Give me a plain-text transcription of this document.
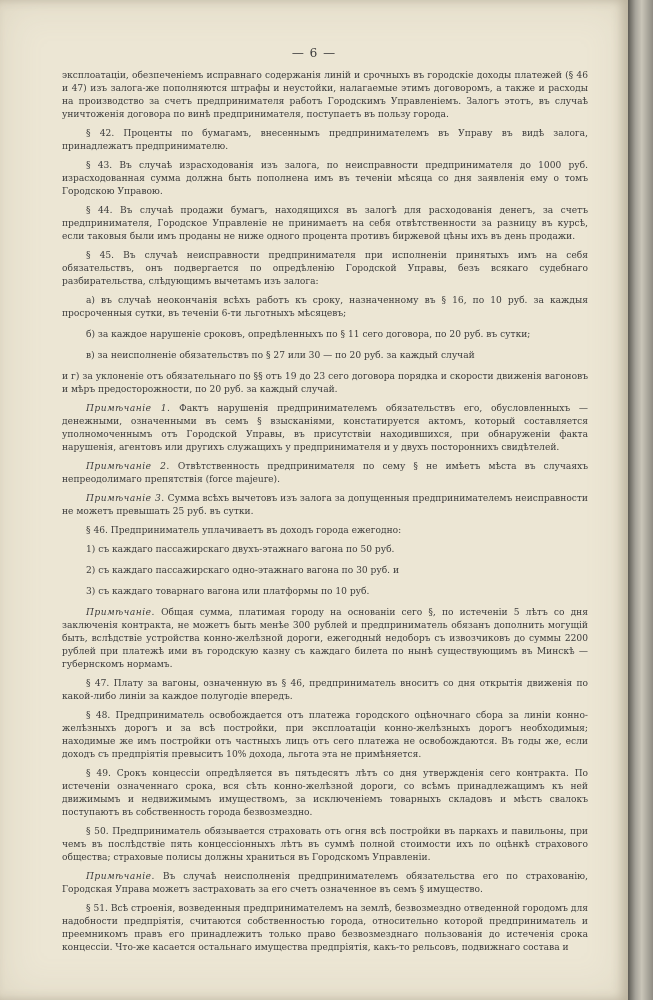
— 6 —

эксплоатаціи, обезпеченіемъ исправнаго содержанія линій и срочныхъ въ городскіе доходы платежей (§ 46 и 47) изъ залога-же пополняются штрафы и неустойки, налагаемые этимъ договоромъ, а также и расходы на производство за счетъ предпринимателя работъ Городскимъ Управленіемъ. Залогъ этотъ, въ случаѣ уничтоженія договора по винѣ предпринимателя, поступаетъ въ пользу города.

§ 42. Проценты по бумагамъ, внесеннымъ предпринимателемъ въ Управу въ видѣ залога, принадлежатъ предпринимателю.

§ 43. Въ случаѣ израсходованія изъ залога, по неисправности предпринимателя до 1000 руб. израсходованная сумма должна быть пополнена имъ въ теченіи мѣсяца со дня заявленія ему о томъ Городскою Управою.

§ 44. Въ случаѣ продажи бумагъ, находящихся въ залогѣ для расходованія денегъ, за счетъ предпринимателя, Городское Управленіе не принимаетъ на себя отвѣтственности за разницу въ курсѣ, если таковыя были имъ проданы не ниже одного процента противъ биржевой цѣны ихъ въ день продажи.

§ 45. Въ случаѣ неисправности предпринимателя при исполненіи принятыхъ имъ на себя обязательствъ, онъ подвергается по опредѣленію Городской Управы, безъ всякаго судебнаго разбирательства, слѣдующимъ вычетамъ изъ залога:

а) въ случаѣ неокончанія всѣхъ работъ къ сроку, назначенному въ § 16, по 10 руб. за каждыя просроченныя сутки, въ теченіи 6-ти льготныхъ мѣсяцевъ;

б) за каждое нарушеніе сроковъ, опредѣленныхъ по § 11 сего договора, по 20 руб. въ сутки;

в) за неисполненіе обязательствъ по § 27 или 30 — по 20 руб. за каждый случай

и г) за уклоненіе отъ обязательнаго по §§ отъ 19 до 23 сего договора порядка и скорости движенія вагоновъ и мѣръ предосторожности, по 20 руб. за каждый случай.

Примѣчаніе 1. Фактъ нарушенія предпринимателемъ обязательствъ его, обусловленныхъ — денежными, означенными въ семъ § взысканіями, констатируется актомъ, который составляется уполномоченнымъ отъ Городской Управы, въ присутствіи находившихся, при обнаруженіи факта нарушенія, агентовъ или другихъ служащихъ у предпринимателя и у двухъ постороннихъ свидѣтелей.

Примѣчаніе 2. Отвѣтственность предпринимателя по сему § не имѣетъ мѣста въ случаяхъ непреодолимаго препятствія (force majeure).

Примѣчаніе 3. Сумма всѣхъ вычетовъ изъ залога за допущенныя предпринимателемъ неисправности не можетъ превышать 25 руб. въ сутки.

§ 46. Предприниматель уплачиваетъ въ доходъ города ежегодно:

1) съ каждаго пассажирскаго двухъ-этажнаго вагона по 50 руб.

2) съ каждаго пассажирскаго одно-этажнаго вагона по 30 руб. и

3) съ каждаго товарнаго вагона или платформы по 10 руб.

Примѣчаніе. Общая сумма, платимая городу на основаніи сего §, по истеченіи 5 лѣтъ со дня заключенія контракта, не можетъ быть менѣе 300 рублей и предприниматель обязанъ дополнить могущій быть, вслѣдствіе устройства конно-желѣзной дороги, ежегодный недоборъ съ извозчиковъ до суммы 2200 рублей при платежѣ ими въ городскую казну съ каждаго билета по нынѣ существующимъ въ Минскѣ — губернскомъ нормамъ.

§ 47. Плату за вагоны, означенную въ § 46, предприниматель вноситъ со дня открытія движенія по какой-либо линіи за каждое полугодіе впередъ.

§ 48. Предприниматель освобождается отъ платежа городского оцѣночнаго сбора за линіи конно-желѣзныхъ дорогъ и за всѣ постройки, при эксплоатаціи конно-желѣзныхъ дорогъ необходимыя; находимые же имъ постройки отъ частныхъ лицъ отъ сего платежа не освобождаются. Въ годы же, если доходъ съ предпріятія превыситъ 10% дохода, льгота эта не примѣняется.

§ 49. Срокъ концессіи опредѣляется въ пятьдесятъ лѣтъ со дня утвержденія сего контракта. По истеченіи означеннаго срока, вся сѣть конно-желѣзной дороги, со всѣмъ принадлежащимъ къ ней движимымъ и недвижимымъ имуществомъ, за исключеніемъ товарныхъ складовъ и мѣстъ свалокъ поступаютъ въ собственность города безвозмездно.

§ 50. Предприниматель обязывается страховать отъ огня всѣ постройки въ паркахъ и павильоны, при чемъ въ послѣдствіе пять концессіонныхъ лѣтъ въ суммѣ полной стоимости ихъ по оцѣнкѣ страхового общества; страховые полисы должны храниться въ Городскомъ Управленіи.

Примѣчаніе. Въ случаѣ неисполненія предпринимателемъ обязательства его по страхованію, Городская Управа можетъ застраховать за его счетъ означенное въ семъ § имущество.

§ 51. Всѣ строенія, возведенныя предпринимателемъ на землѣ, безвозмездно отведенной городомъ для надобности предпріятія, считаются собственностью города, относительно которой предприниматель и преемникомъ правъ его принадлежитъ только право безвозмезднаго пользованія до истеченія срока концессіи. Что-же касается остальнаго имущества предпріятія, какъ-то рельсовъ, подвижнаго состава и
